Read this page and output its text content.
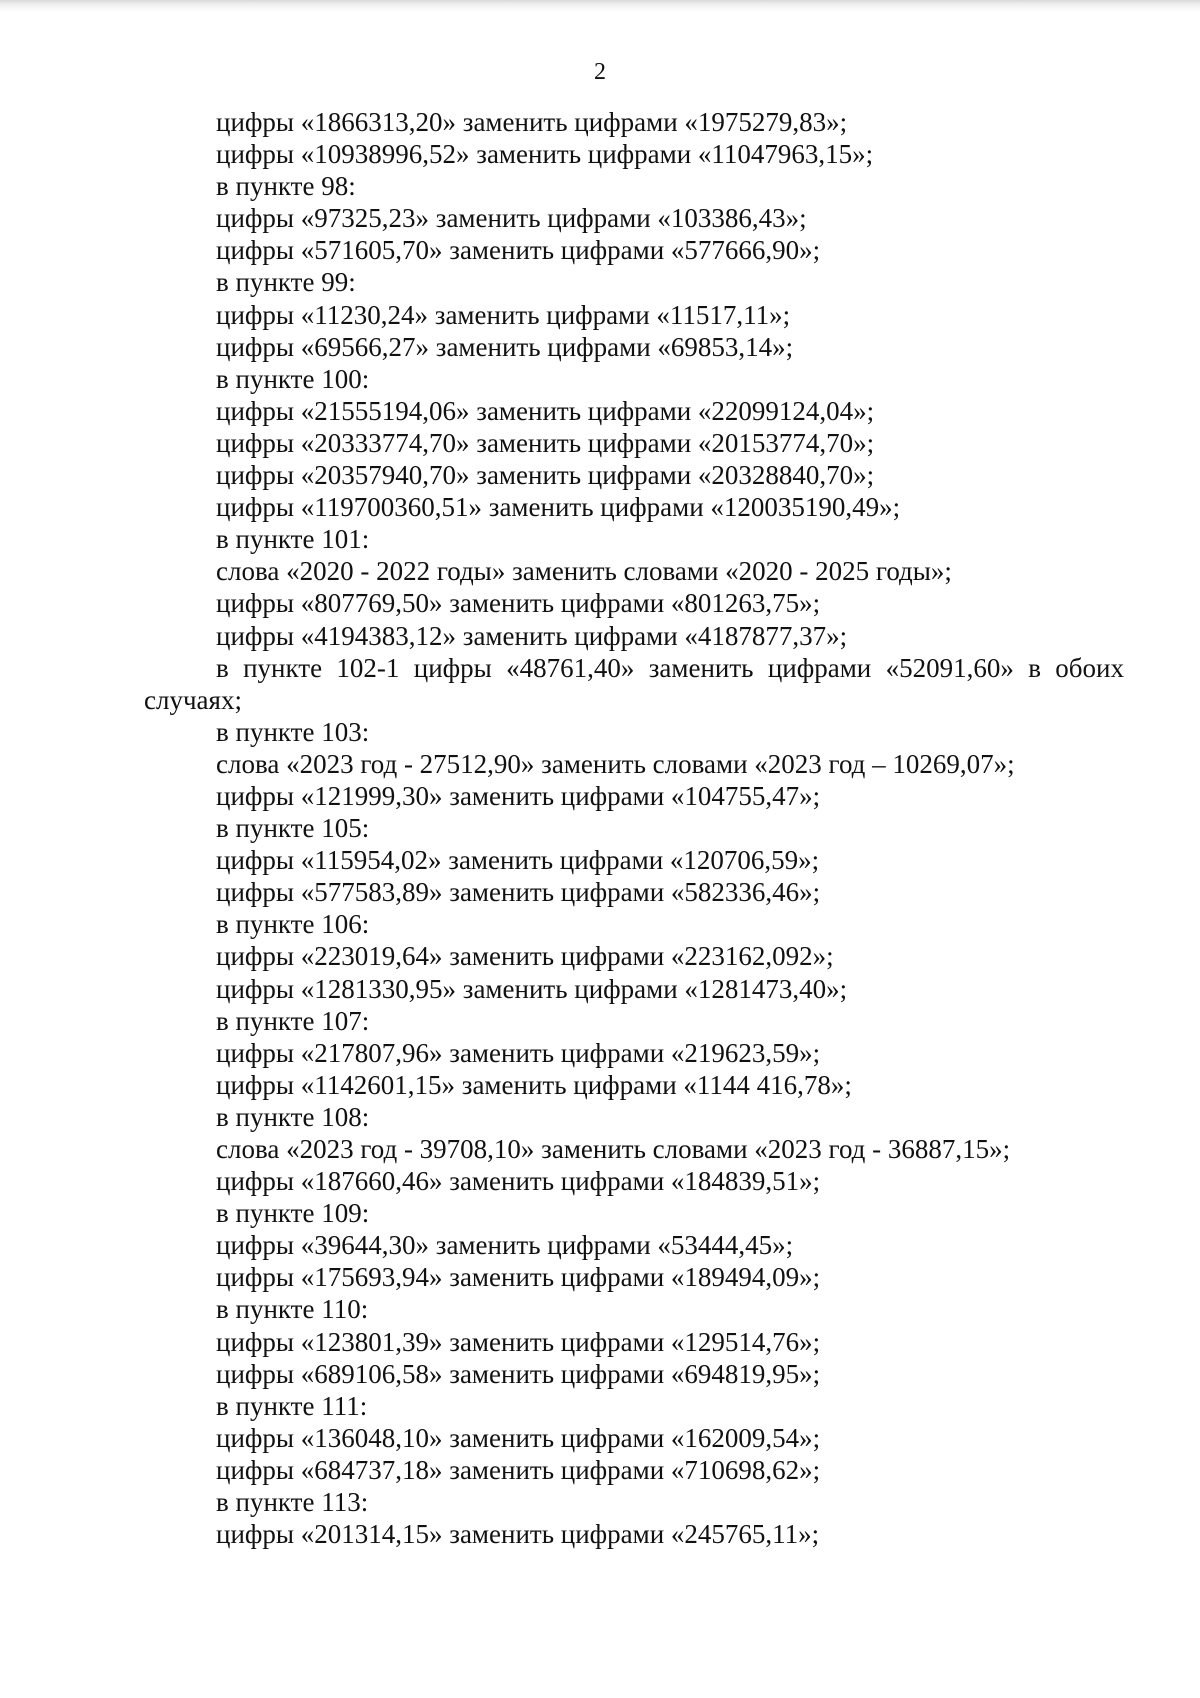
2
цифры «1866313,20» заменить цифрами «1975279,83»;
цифры «10938996,52» заменить цифрами «11047963,15»;
в пункте 98:
цифры «97325,23» заменить цифрами «103386,43»;
цифры «571605,70» заменить цифрами «577666,90»;
в пункте 99:
цифры «11230,24» заменить цифрами «11517,11»;
цифры «69566,27» заменить цифрами «69853,14»;
в пункте 100:
цифры «21555194,06» заменить цифрами «22099124,04»;
цифры «20333774,70» заменить цифрами «20153774,70»;
цифры «20357940,70» заменить цифрами «20328840,70»;
цифры «119700360,51» заменить цифрами «120035190,49»;
в пункте 101:
слова «2020 - 2022 годы» заменить словами «2020 - 2025 годы»;
цифры «807769,50» заменить цифрами «801263,75»;
цифры «4194383,12» заменить цифрами «4187877,37»;
в пункте 102-1 цифры «48761,40» заменить цифрами «52091,60» в обоих случаях;
в пункте 103:
слова «2023 год - 27512,90» заменить словами «2023 год – 10269,07»;
цифры «121999,30» заменить цифрами «104755,47»;
в пункте 105:
цифры «115954,02» заменить цифрами «120706,59»;
цифры «577583,89» заменить цифрами «582336,46»;
в пункте 106:
цифры «223019,64» заменить цифрами «223162,092»;
цифры «1281330,95» заменить цифрами «1281473,40»;
в пункте 107:
цифры «217807,96» заменить цифрами «219623,59»;
цифры «1142601,15» заменить цифрами «1144 416,78»;
в пункте 108:
слова «2023 год - 39708,10» заменить словами «2023 год - 36887,15»;
цифры «187660,46» заменить цифрами «184839,51»;
в пункте 109:
цифры «39644,30» заменить цифрами «53444,45»;
цифры «175693,94» заменить цифрами «189494,09»;
в пункте 110:
цифры «123801,39» заменить цифрами «129514,76»;
цифры «689106,58» заменить цифрами «694819,95»;
в пункте 111:
цифры «136048,10» заменить цифрами «162009,54»;
цифры «684737,18» заменить цифрами «710698,62»;
в пункте 113:
цифры «201314,15» заменить цифрами «245765,11»;
